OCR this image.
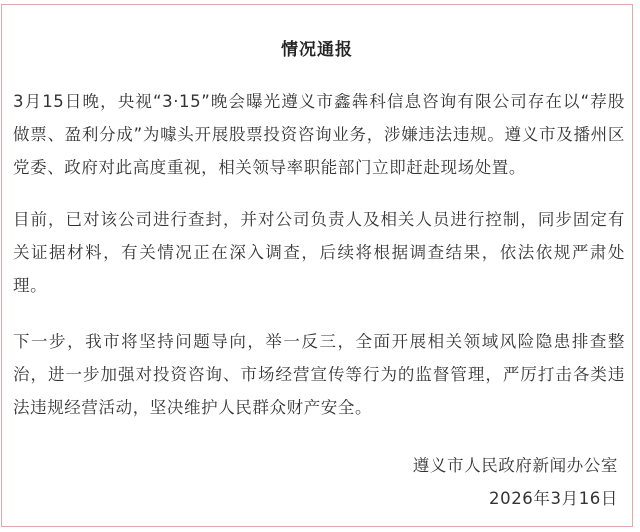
情况通报

3月15日晚，央视“3·15”晚会曝光遵义市鑫犇科信息咨询有限公司存在以“荐股做票、盈利分成”为噱头开展股票投资咨询业务，涉嫌违法违规。遵义市及播州区党委、政府对此高度重视，相关领导率职能部门立即赶赴现场处置。

目前，已对该公司进行查封，并对公司负责人及相关人员进行控制，同步固定有关证据材料，有关情况正在深入调查，后续将根据调查结果，依法依规严肃处理。

下一步，我市将坚持问题导向，举一反三，全面开展相关领域风险隐患排查整治，进一步加强对投资咨询、市场经营宣传等行为的监督管理，严厉打击各类违法违规经营活动，坚决维护人民群众财产安全。

遵义市人民政府新闻办公室
2026年3月16日
